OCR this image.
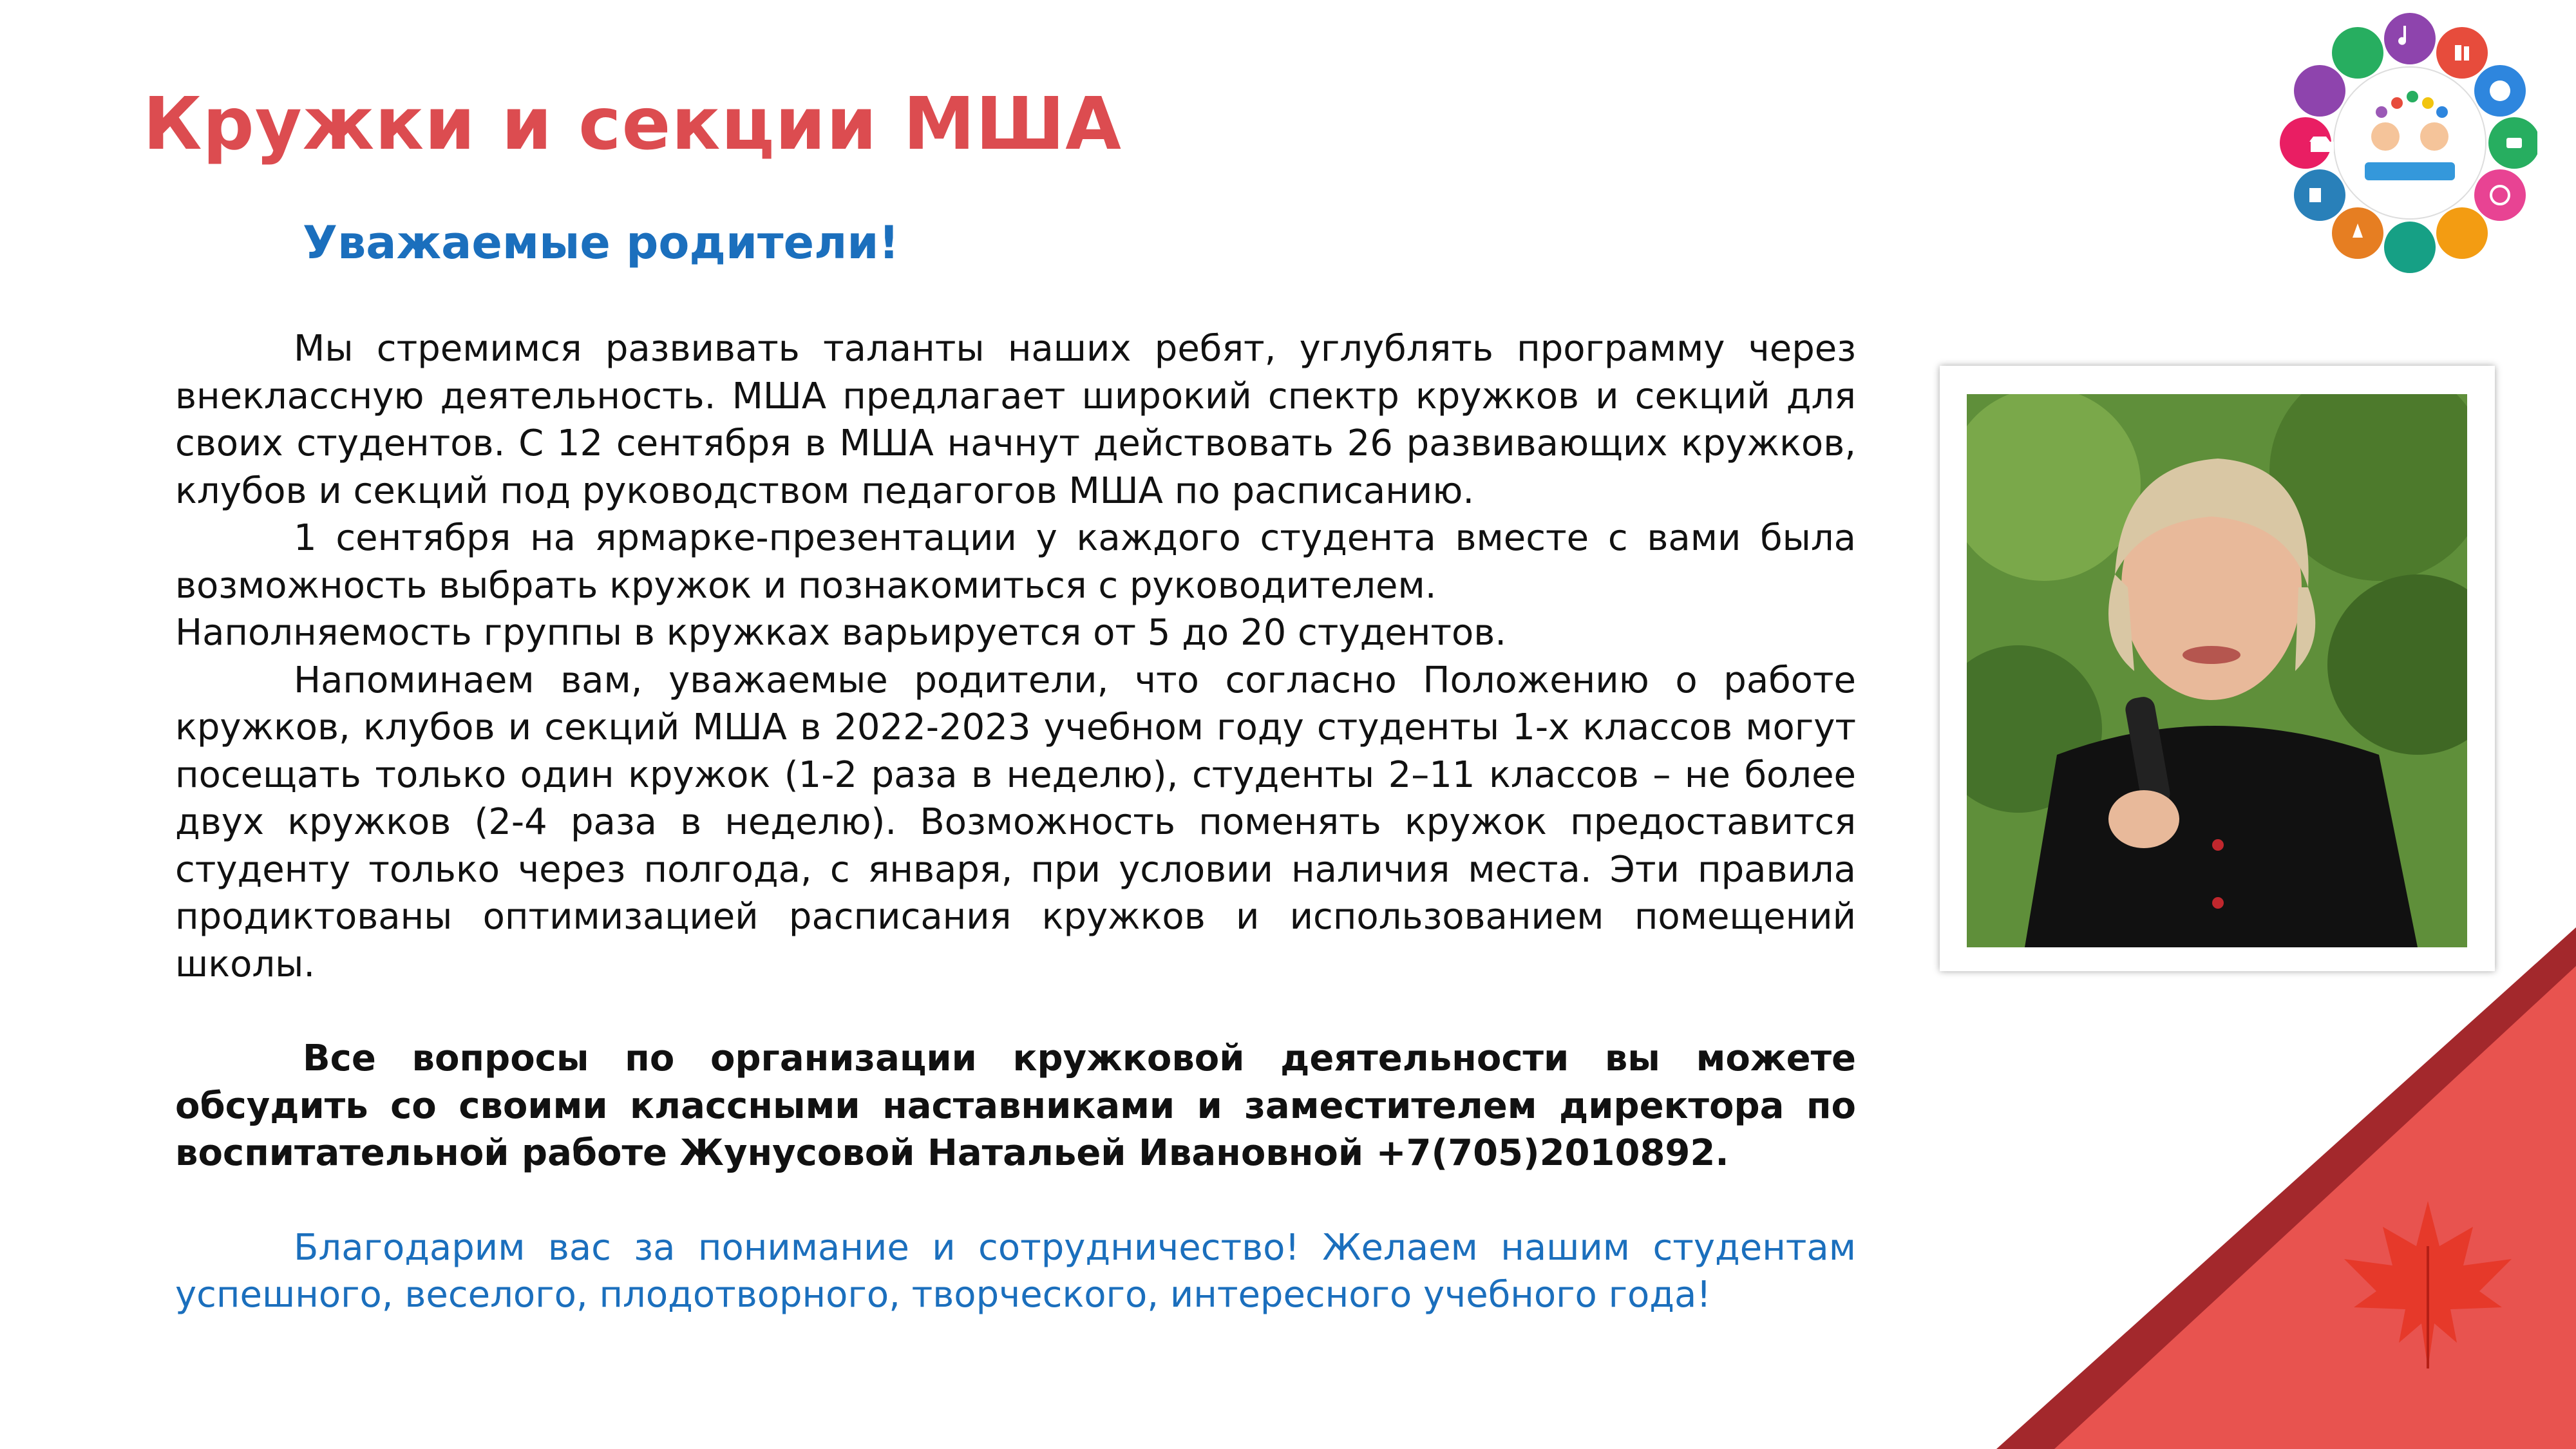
Кружки и секции МША
Уважаемые родители!

Мы стремимся развивать таланты наших ребят, углублять программу через внеклассную деятельность. МША предлагает широкий спектр кружков и секций для своих студентов. С 12 сентября в МША начнут действовать 26 развивающих кружков, клубов и секций под руководством педагогов МША по расписанию.

1 сентября на ярмарке-презентации у каждого студента вместе с вами была возможность выбрать кружок и познакомиться с руководителем.

Наполняемость группы в кружках варьируется от 5 до 20 студентов.

Напоминаем вам, уважаемые родители, что согласно Положению о работе кружков, клубов и секций МША в 2022-2023 учебном году студенты 1-х классов могут посещать только один кружок (1-2 раза в неделю), студенты 2–11 классов – не более двух кружков (2-4 раза в неделю). Возможность поменять кружок предоставится студенту только через полгода, с января, при условии наличия места. Эти правила продиктованы оптимизацией расписания кружков и использованием помещений школы.

Все вопросы по организации кружковой деятельности вы можете обсудить со своими классными наставниками и заместителем директора по воспитательной работе Жунусовой Натальей Ивановной +7(705)2010892.

Благодарим вас за понимание и сотрудничество! Желаем нашим студентам успешного, веселого, плодотворного, творческого, интересного учебного года!
